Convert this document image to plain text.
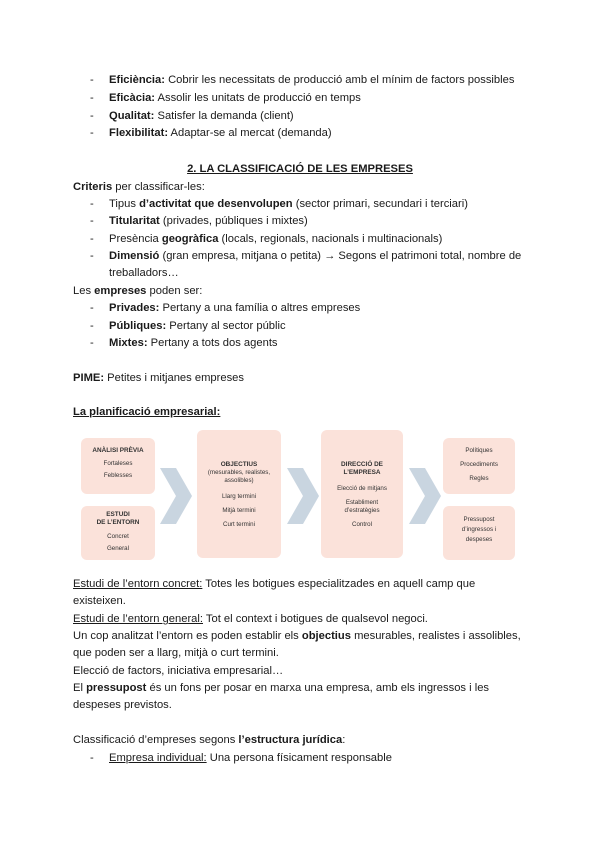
- Eficiència: Cobrir les necessitats de producció amb el mínim de factors possibles
- Eficàcia: Assolir les unitats de producció en temps
- Qualitat: Satisfer la demanda (client)
- Flexibilitat: Adaptar-se al mercat (demanda)
2. LA CLASSIFICACIÓ DE LES EMPRESES
Criteris per classificar-les:
- Tipus d’activitat que desenvolupen (sector primari, secundari i terciari)
- Titularitat (privades, públiques i mixtes)
- Presència geogràfica (locals, regionals, nacionals i multinacionals)
- Dimensió (gran empresa, mitjana o petita) → Segons el patrimoni total, nombre de
treballadors…
Les empreses poden ser:
- Privades: Pertany a una família o altres empreses
- Públiques: Pertany al sector públic
- Mixtes: Pertany a tots dos agents
PIME: Petites i mitjanes empreses
La planificació empresarial:
ANÀLISI PRÈVIA
Fortaleses
Feblesses
ESTUDI
DE L’ENTORN
Concret
General
OBJECTIUS
(mesurables, realistes,
assolibles)
Llarg termini
Mitjà termini
Curt termini
DIRECCIÓ DE
L’EMPRESA
Elecció de mitjans
Establiment
d’estratègies
Control
Polítiques
Procediments
Regles
Pressupost
d’ingressos i
despeses
Estudi de l’entorn concret: Totes les botigues especialitzades en aquell camp que
existeixen.
Estudi de l’entorn general: Tot el context i botigues de qualsevol negoci.
Un cop analitzat l’entorn es poden establir els objectius mesurables, realistes i assolibles,
que poden ser a llarg, mitjà o curt termini.
Elecció de factors, iniciativa empresarial…
El pressupost és un fons per posar en marxa una empresa, amb els ingressos i les
despeses previstos.
Classificació d’empreses segons l’estructura jurídica:
- Empresa individual: Una persona físicament responsable
